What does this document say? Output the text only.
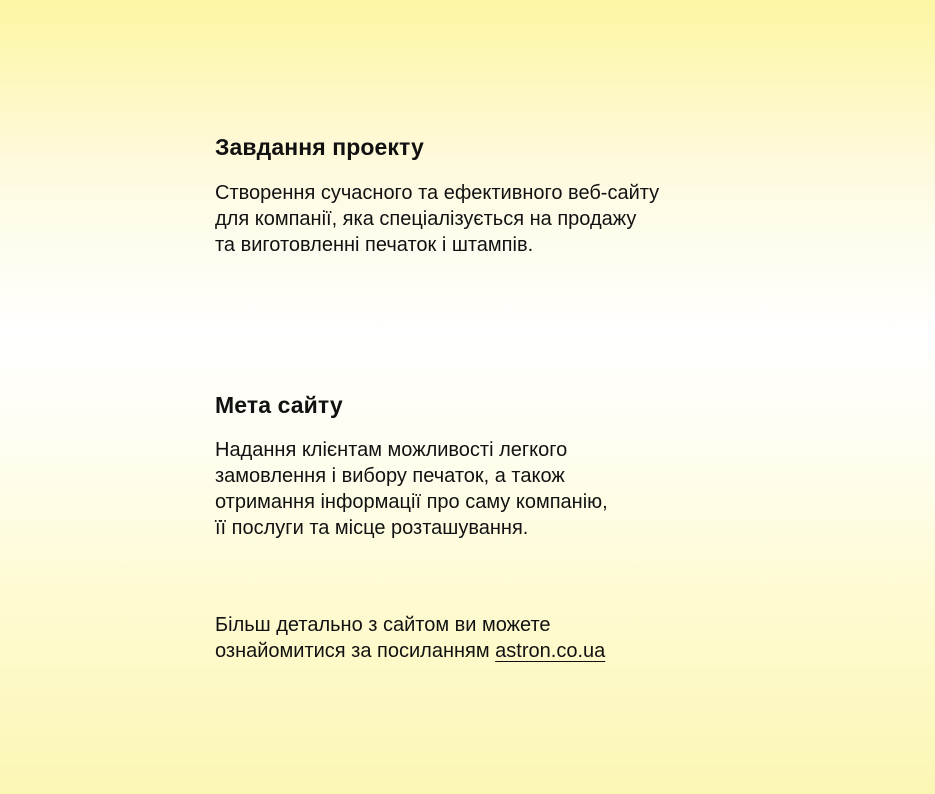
Завдання проекту

Створення сучасного та ефективного веб-сайту
для компанії, яка спеціалізується на продажу
та виготовленні печаток і штампів.

Мета сайту

Надання клієнтам можливості легкого
замовлення і вибору печаток, а також
отримання інформації про саму компанію,
її послуги та місце розташування.

Більш детально з сайтом ви можете
ознайомитися за посиланням astron.co.ua
